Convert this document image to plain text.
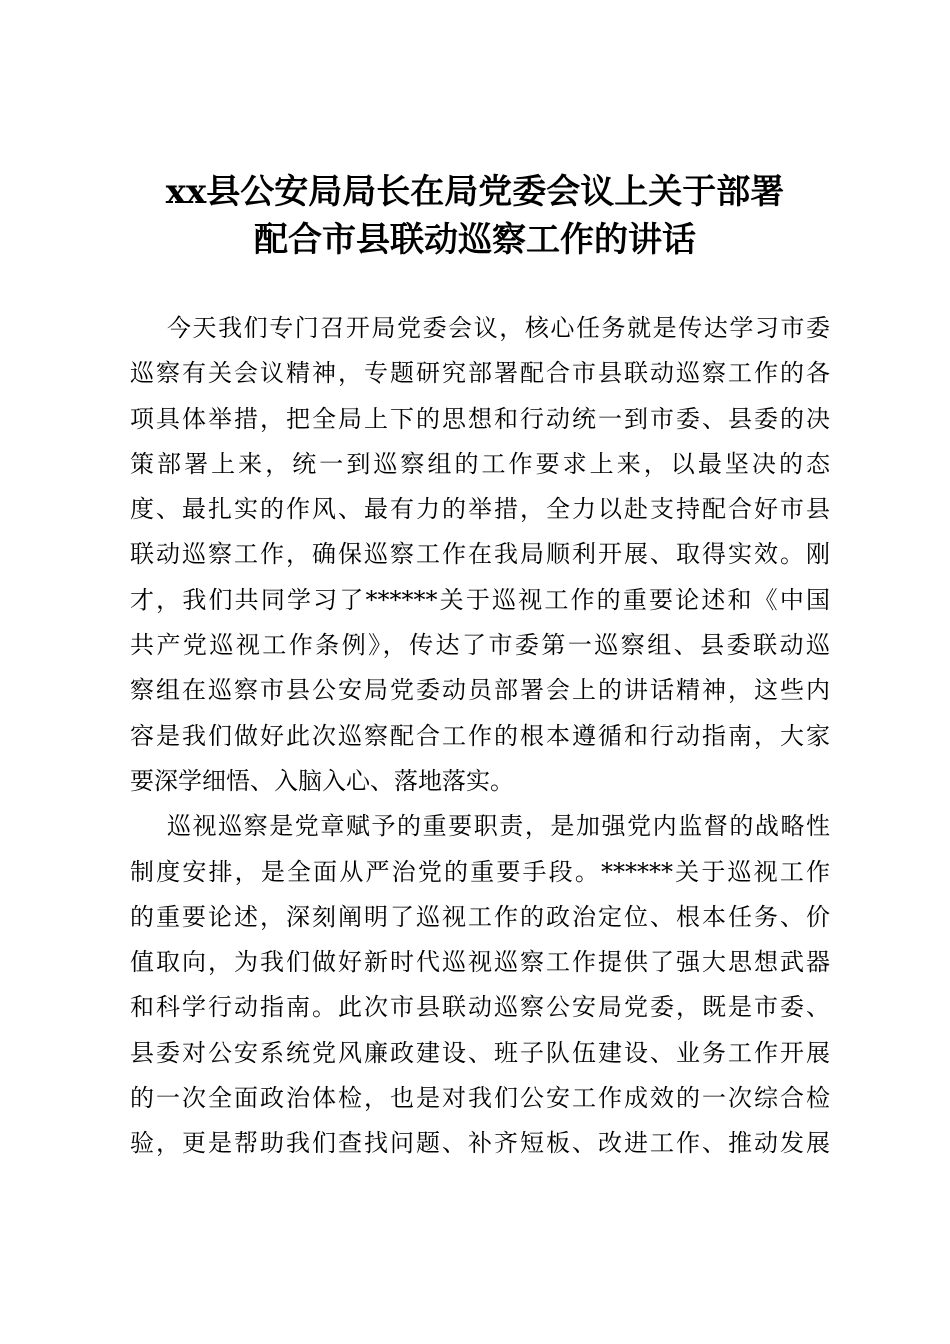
xx县公安局局长在局党委会议上关于部署
配合市县联动巡察工作的讲话
今天我们专门召开局党委会议，核心任务就是传达学习市委
巡察有关会议精神，专题研究部署配合市县联动巡察工作的各
项具体举措，把全局上下的思想和行动统一到市委、县委的决
策部署上来，统一到巡察组的工作要求上来，以最坚决的态
度、最扎实的作风、最有力的举措，全力以赴支持配合好市县
联动巡察工作，确保巡察工作在我局顺利开展、取得实效。刚
才，我们共同学习了******关于巡视工作的重要论述和《中国
共产党巡视工作条例》，传达了市委第一巡察组、县委联动巡
察组在巡察市县公安局党委动员部署会上的讲话精神，这些内
容是我们做好此次巡察配合工作的根本遵循和行动指南，大家
要深学细悟、入脑入心、落地落实。
巡视巡察是党章赋予的重要职责，是加强党内监督的战略性
制度安排，是全面从严治党的重要手段。******关于巡视工作
的重要论述，深刻阐明了巡视工作的政治定位、根本任务、价
值取向，为我们做好新时代巡视巡察工作提供了强大思想武器
和科学行动指南。此次市县联动巡察公安局党委，既是市委、
县委对公安系统党风廉政建设、班子队伍建设、业务工作开展
的一次全面政治体检，也是对我们公安工作成效的一次综合检
验，更是帮助我们查找问题、补齐短板、改进工作、推动发展
